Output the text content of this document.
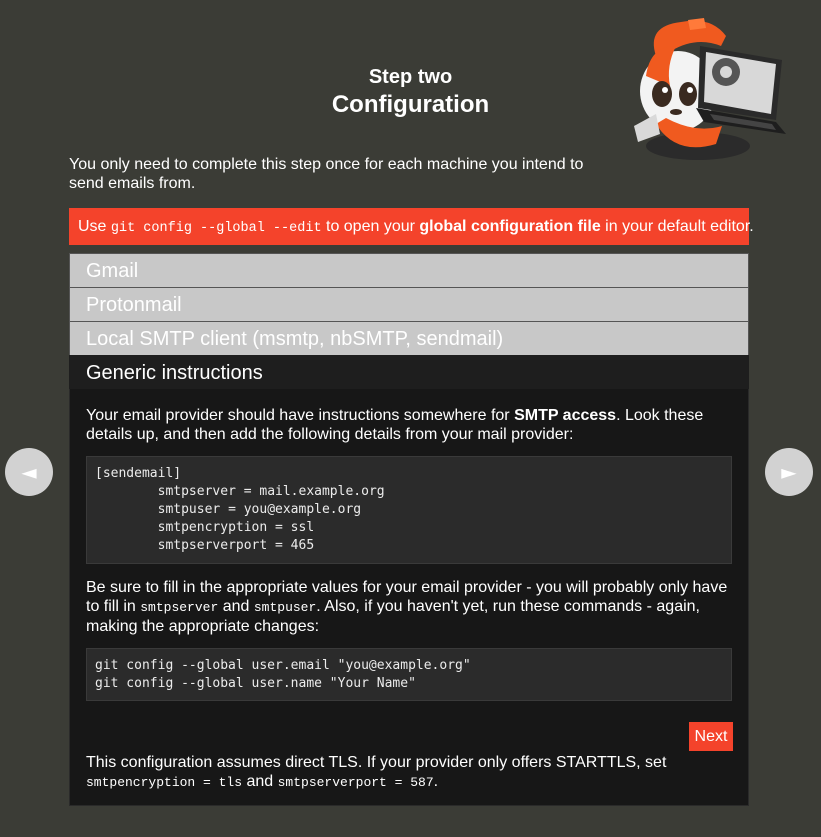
Step two
Configuration

You only need to complete this step once for each machine you intend to send emails from.

Use git config --global --edit to open your global configuration file in your default editor.
Gmail
Protonmail
Local SMTP client (msmtp, nbSMTP, sendmail)
Generic instructions

Your email provider should have instructions somewhere for SMTP access. Look these details up, and then add the following details from your mail provider:

[sendemail]
	smtpserver = mail.example.org
	smtpuser = you@example.org
	smtpencryption = ssl
	smtpserverport = 465

Be sure to fill in the appropriate values for your email provider - you will probably only have to fill in smtpserver and smtpuser. Also, if you haven't yet, run these commands - again, making the appropriate changes:

git config --global user.email "you@example.org"
git config --global user.name "Your Name"
Next

This configuration assumes direct TLS. If your provider only offers STARTTLS, set smtpencryption = tls and smtpserverport = 587.

◄	►
